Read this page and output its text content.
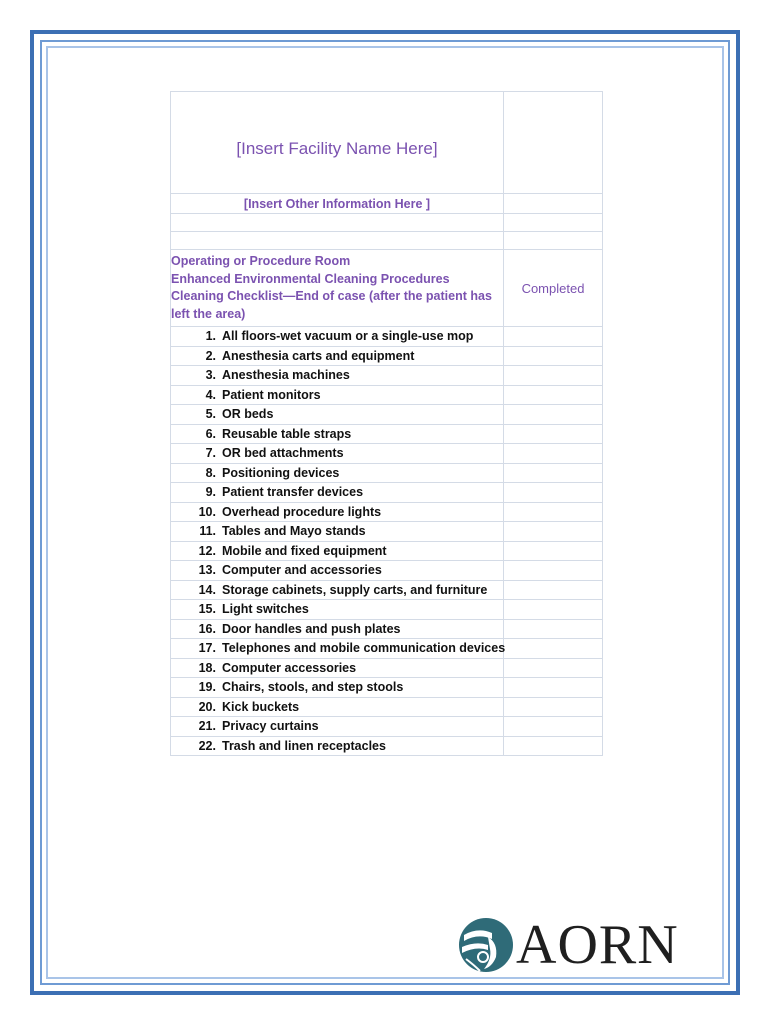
[Insert Facility Name Here]	

[Insert Other Information Here ]	

Operating or Procedure Room
Enhanced Environmental Cleaning Procedures
Cleaning Checklist—End of case (after the patient has
left the area)	Completed
1. All floors-wet vacuum or a single-use mop	
2. Anesthesia carts and equipment	
3. Anesthesia machines	
4. Patient monitors	
5. OR beds	
6. Reusable table straps	
7. OR bed attachments	
8. Positioning devices	
9. Patient transfer devices	
10. Overhead procedure lights	
11. Tables and Mayo stands	
12. Mobile and fixed equipment	
13. Computer and accessories	
14. Storage cabinets, supply carts, and furniture	
15. Light switches	
16. Door handles and push plates	
17. Telephones and mobile communication devices	
18. Computer accessories	
19. Chairs, stools, and step stools	
20. Kick buckets	
21. Privacy curtains	
22. Trash and linen receptacles	
AORN
